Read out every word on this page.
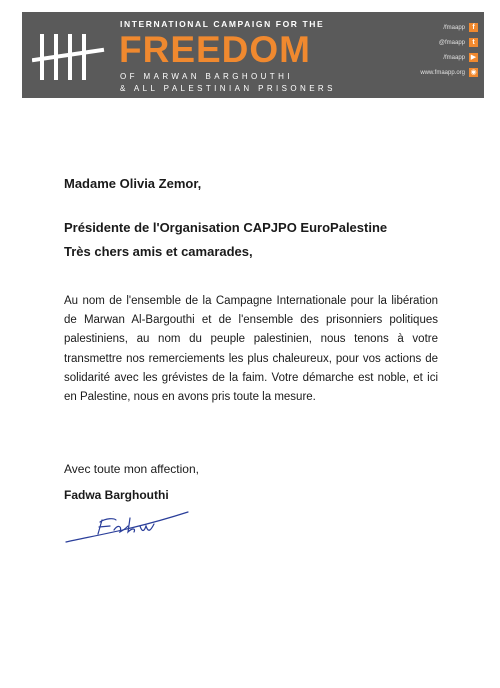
INTERNATIONAL CAMPAIGN FOR THE
FREEDOM
OF MARWAN BARGHOUTHI
& ALL PALESTINIAN PRISONERS
/fmaapp	f
@fmaapp	t
/fmaapp ▶
www.fmaapp.org ◉
Madame Olivia Zemor,
Présidente de l'Organisation CAPJPO EuroPalestine
Très chers amis et camarades,

Au nom de l'ensemble de la Campagne Internationale pour la libération de Marwan Al-Bargouthi et de l'ensemble des prisonniers politiques palestiniens, au nom du peuple palestinien, nous tenons à votre transmettre nos remerciements les plus chaleureux, pour vos actions de solidarité avec les grévistes de la faim. Votre démarche est noble, et ici en Palestine, nous en avons pris toute la mesure.

Avec toute mon affection,
Fadwa Barghouthi
